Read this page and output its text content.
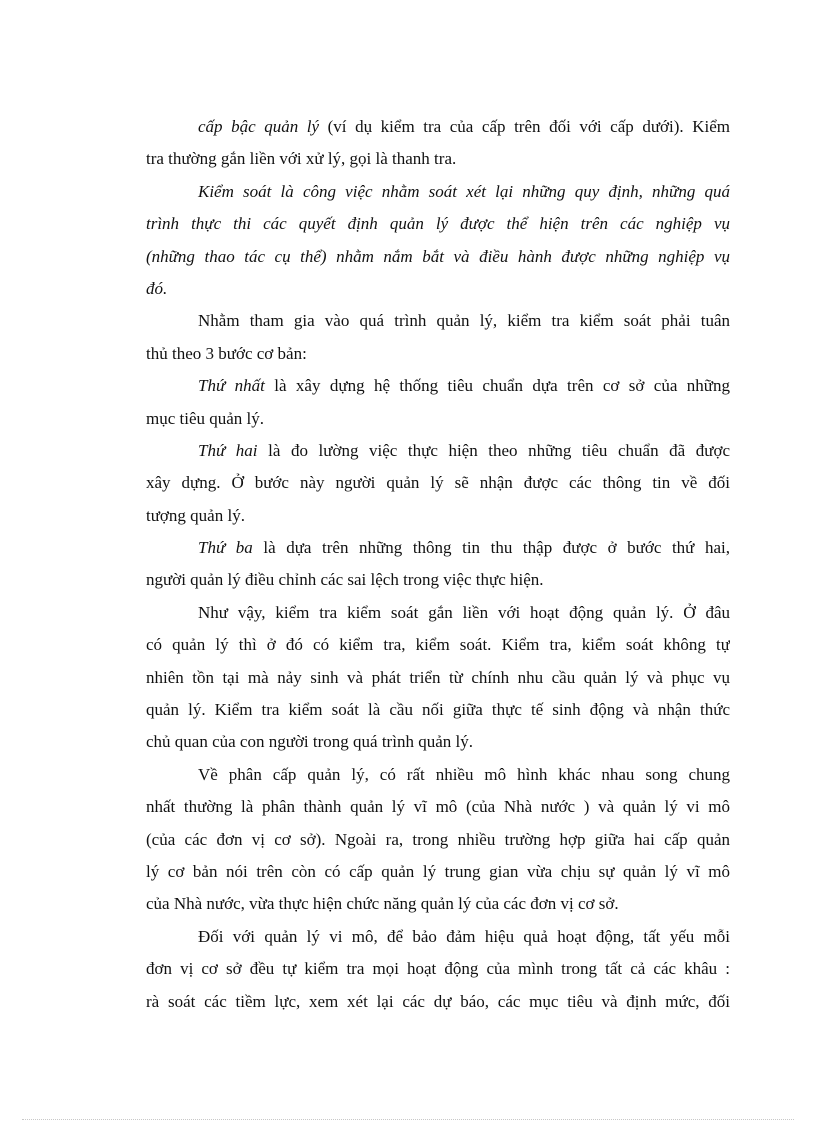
cấp bậc quản lý (ví dụ kiểm tra của cấp trên đối với cấp dưới). Kiểm
tra thường gắn liền với xử lý, gọi là thanh tra.
Kiểm soát là công việc nhằm soát xét lại những quy định, những quá
trình thực thi các quyết định quản lý được thể hiện trên các nghiệp vụ
(những thao tác cụ thể) nhằm nắm bắt và điều hành được những nghiệp vụ
đó.
Nhằm tham gia vào quá trình quản lý, kiểm tra kiểm soát phải tuân
thủ theo 3 bước cơ bản:
Thứ nhất là xây dựng hệ thống tiêu chuẩn dựa trên cơ sở của những
mục tiêu quản lý.
Thứ hai là đo lường việc thực hiện theo những tiêu chuẩn đã được
xây dựng. Ở bước này người quản lý sẽ nhận được các thông tin về đối
tượng quản lý.
Thứ ba là dựa trên những thông tin thu thập được ở bước thứ hai,
người quản lý điều chỉnh các sai lệch trong việc thực hiện.
Như vậy, kiểm tra kiểm soát gắn liền với hoạt động quản lý. Ở đâu
có quản lý thì ở đó có kiểm tra, kiểm soát. Kiểm tra, kiểm soát không tự
nhiên tồn tại mà nảy sinh và phát triển từ chính nhu cầu quản lý và phục vụ
quản lý. Kiểm tra kiểm soát là cầu nối giữa thực tế sinh động và nhận thức
chủ quan của con người trong quá trình quản lý.
Về phân cấp quản lý, có rất nhiều mô hình khác nhau song chung
nhất thường là phân thành quản lý vĩ mô (của Nhà nước ) và quản lý vi mô
(của các đơn vị cơ sở). Ngoài ra, trong nhiều trường hợp giữa hai cấp quản
lý cơ bản nói trên còn có cấp quản lý trung gian vừa chịu sự quản lý vĩ mô
của Nhà nước, vừa thực hiện chức năng quản lý của các đơn vị cơ sở.
Đối với quản lý vi mô, để bảo đảm hiệu quả hoạt động, tất yếu mỗi
đơn vị cơ sở đều tự kiểm tra mọi hoạt động của mình trong tất cả các khâu :
rà soát các tiềm lực, xem xét lại các dự báo, các mục tiêu và định mức, đối
